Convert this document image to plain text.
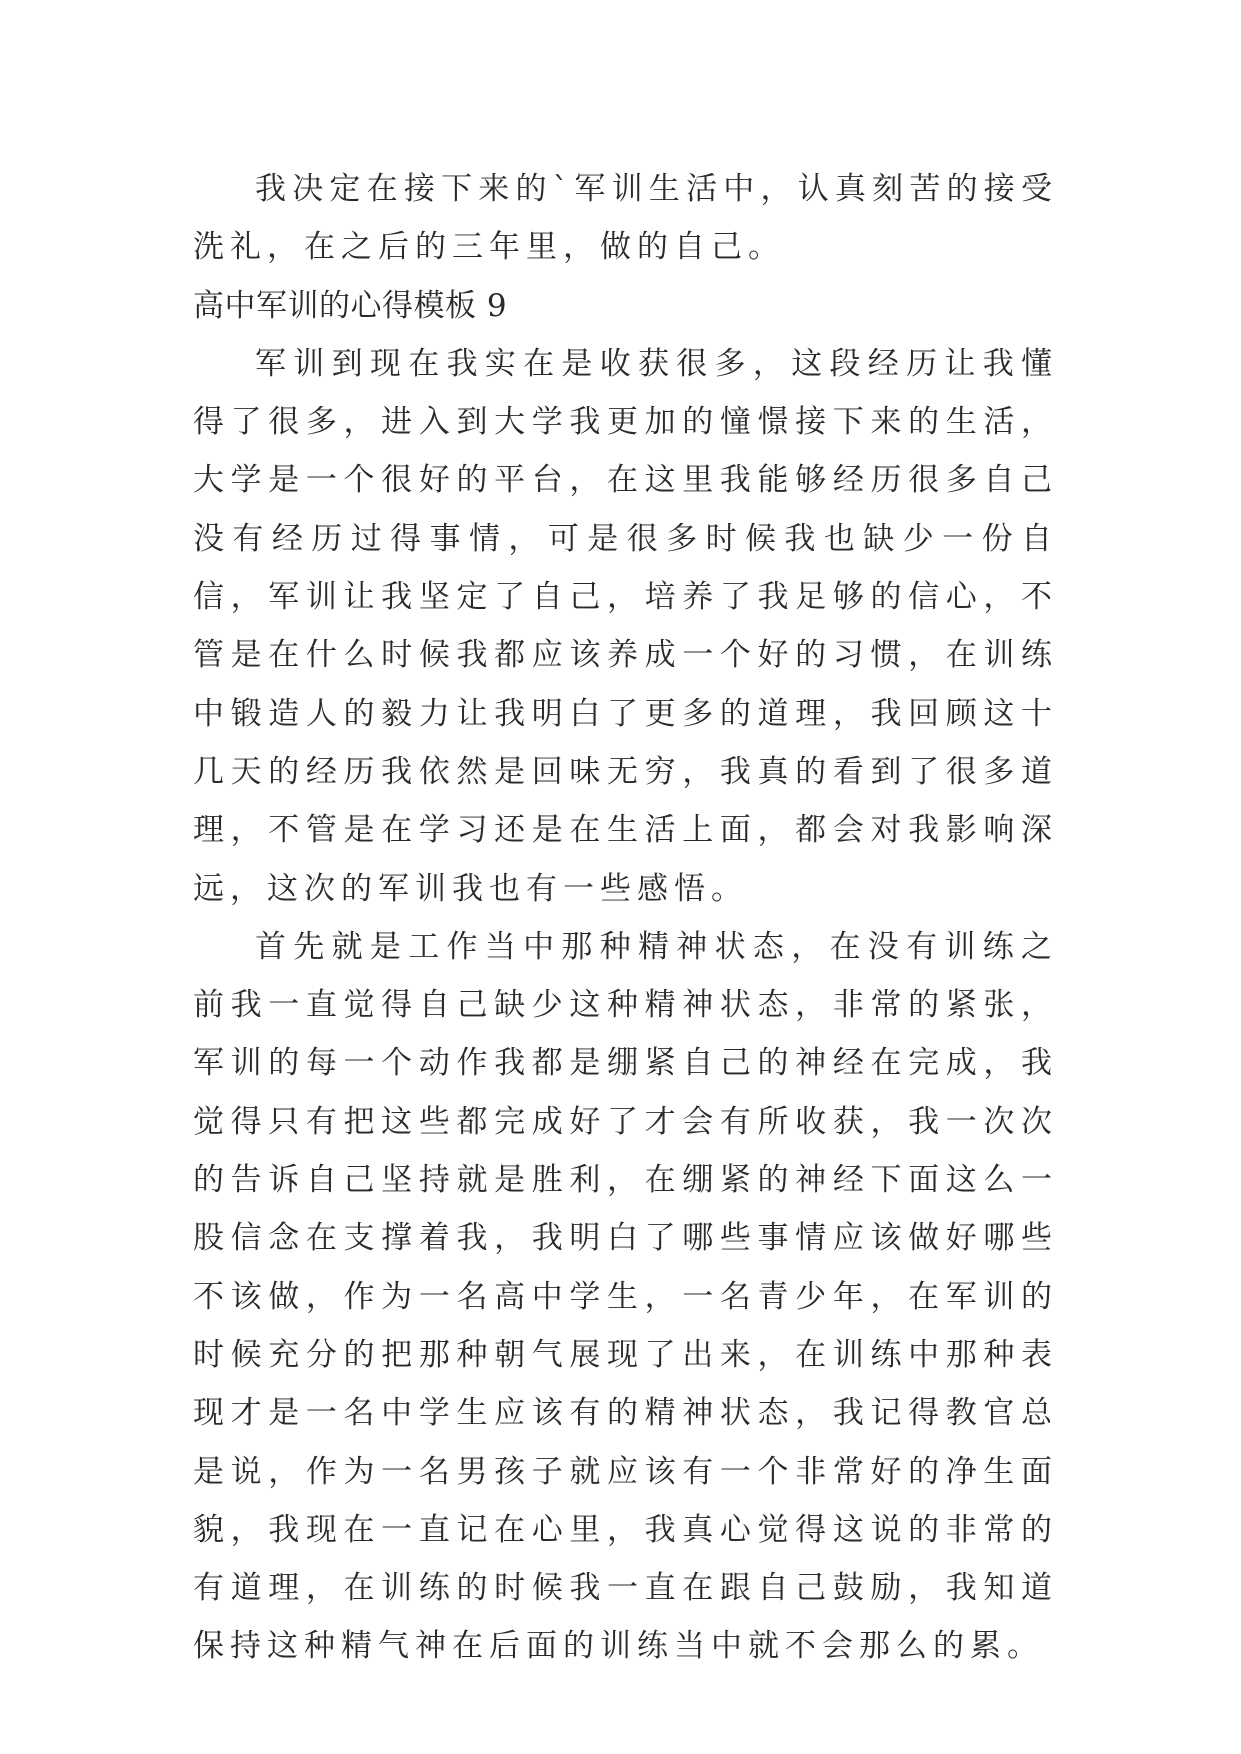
我决定在接下来的`军训生活中，认真刻苦的接受洗礼，在之后的三年里，做的自己。

高中军训的心得模板 9

军训到现在我实在是收获很多，这段经历让我懂得了很多，进入到大学我更加的憧憬接下来的生活，大学是一个很好的平台，在这里我能够经历很多自己没有经历过得事情，可是很多时候我也缺少一份自信，军训让我坚定了自己，培养了我足够的信心，不管是在什么时候我都应该养成一个好的习惯，在训练中锻造人的毅力让我明白了更多的道理，我回顾这十几天的经历我依然是回味无穷，我真的看到了很多道理，不管是在学习还是在生活上面，都会对我影响深远，这次的军训我也有一些感悟。

首先就是工作当中那种精神状态，在没有训练之前我一直觉得自己缺少这种精神状态，非常的紧张，军训的每一个动作我都是绷紧自己的神经在完成，我觉得只有把这些都完成好了才会有所收获，我一次次的告诉自己坚持就是胜利，在绷紧的神经下面这么一股信念在支撑着我，我明白了哪些事情应该做好哪些不该做，作为一名高中学生，一名青少年，在军训的时候充分的把那种朝气展现了出来，在训练中那种表现才是一名中学生应该有的精神状态，我记得教官总是说，作为一名男孩子就应该有一个非常好的净生面貌，我现在一直记在心里，我真心觉得这说的非常的有道理，在训练的时候我一直在跟自己鼓励，我知道保持这种精气神在后面的训练当中就不会那么的累。
